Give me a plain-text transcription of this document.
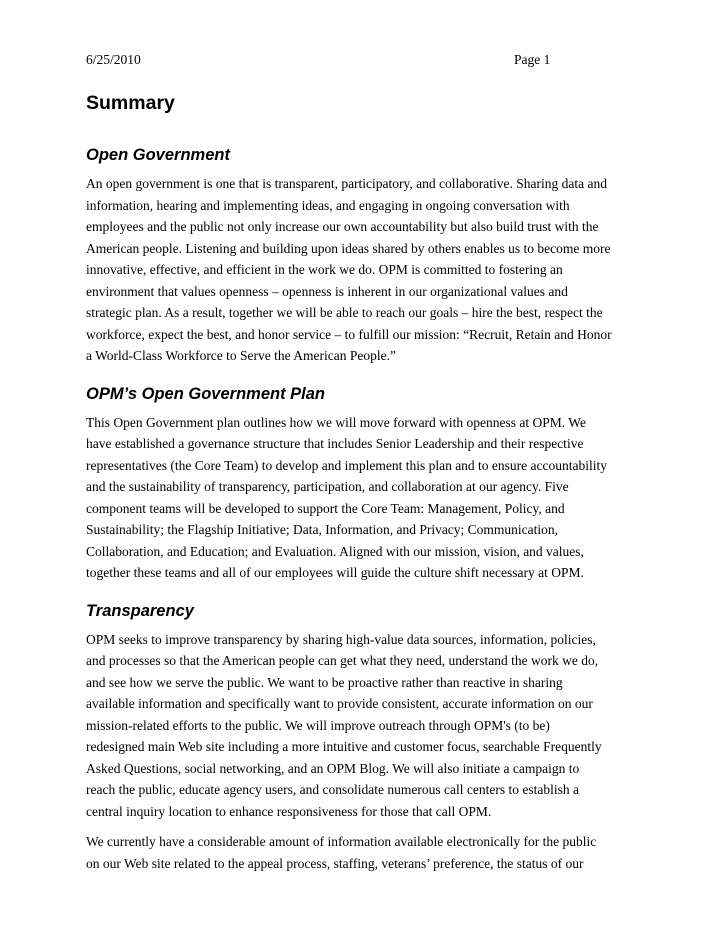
6/25/2010	Page 1
Summary
Open Government

An open government is one that is transparent, participatory, and collaborative. Sharing data and

information, hearing and implementing ideas, and engaging in ongoing conversation with

employees and the public not only increase our own accountability but also build trust with the

American people. Listening and building upon ideas shared by others enables us to become more

innovative, effective, and efficient in the work we do. OPM is committed to fostering an

environment that values openness – openness is inherent in our organizational values and

strategic plan. As a result, together we will be able to reach our goals – hire the best, respect the

workforce, expect the best, and honor service – to fulfill our mission: “Recruit, Retain and Honor

a World-Class Workforce to Serve the American People.”

OPM’s Open Government Plan

This Open Government plan outlines how we will move forward with openness at OPM. We

have established a governance structure that includes Senior Leadership and their respective

representatives (the Core Team) to develop and implement this plan and to ensure accountability

and the sustainability of transparency, participation, and collaboration at our agency. Five

component teams will be developed to support the Core Team: Management, Policy, and

Sustainability; the Flagship Initiative; Data, Information, and Privacy; Communication,

Collaboration, and Education; and Evaluation. Aligned with our mission, vision, and values,

together these teams and all of our employees will guide the culture shift necessary at OPM.

Transparency

OPM seeks to improve transparency by sharing high-value data sources, information, policies,

and processes so that the American people can get what they need, understand the work we do,

and see how we serve the public. We want to be proactive rather than reactive in sharing

available information and specifically want to provide consistent, accurate information on our

mission-related efforts to the public. We will improve outreach through OPM's (to be)

redesigned main Web site including a more intuitive and customer focus, searchable Frequently

Asked Questions, social networking, and an OPM Blog. We will also initiate a campaign to

reach the public, educate agency users, and consolidate numerous call centers to establish a

central inquiry location to enhance responsiveness for those that call OPM.

We currently have a considerable amount of information available electronically for the public

on our Web site related to the appeal process, staffing, veterans’ preference, the status of our
